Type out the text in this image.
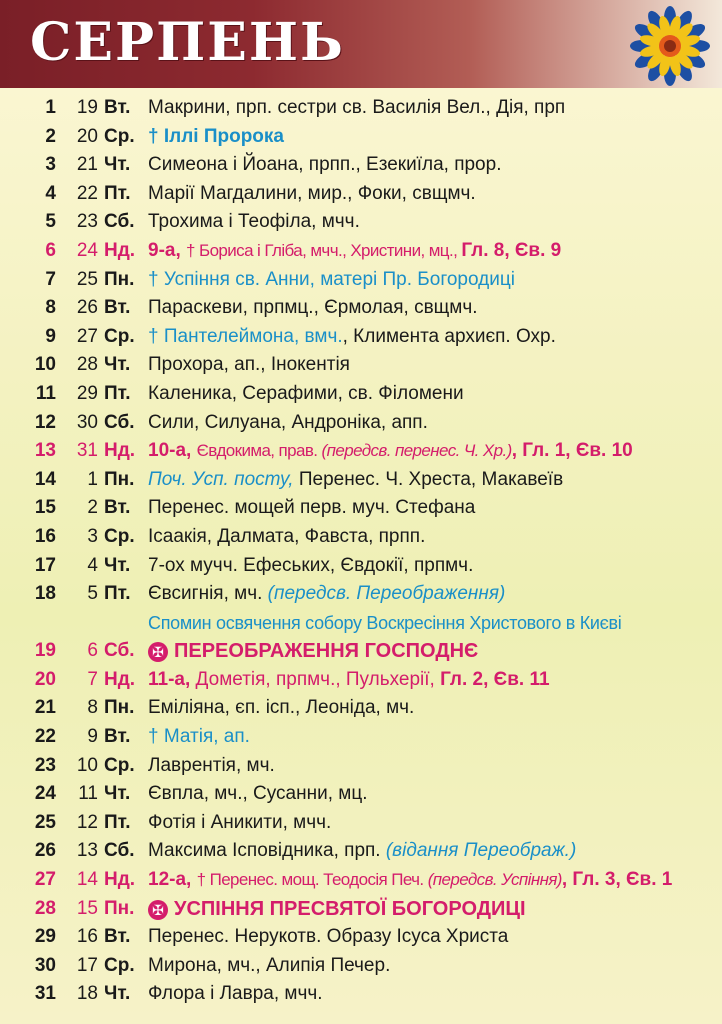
СЕРПЕНЬ
1	19 Вт. Макрини, прп. сестри св. Василія Вел., Дія, прп
2	20 Ср. † Іллі Пророка
3	21 Чт. Симеона і Йоана, прпп., Езекиїла, прор.
4	22 Пт. Марії Магдалини, мир., Фоки, свщмч.
5	23 Сб. Трохима і Теофіла, мчч.
6	24 Нд. 9-а, † Бориса і Гліба, мчч., Христини, мц., Гл. 8, Єв. 9
7	25 Пн. † Успіння св. Анни, матері Пр. Богородиці
8	26 Вт. Параскеви, прпмц., Єрмолая, свщмч.
9	27 Ср. † Пантелеймона, вмч., Климента архиєп. Охр.
10	28 Чт. Прохора, ап., Інокентія
11	29 Пт. Каленика, Серафими, св. Філомени
12	30 Сб. Сили, Силуана, Андроніка, апп.
13	31 Нд. 10-а, Євдокима, прав. (передсв. перенес. Ч. Хр.), Гл. 1, Єв. 10
14	1 Пн. Поч. Усп. посту, Перенес. Ч. Хреста, Макавеїв
15	2 Вт. Перенес. мощей перв. муч. Стефана
16	3 Ср. Ісаакія, Далмата, Фавста, прпп.
17	4 Чт. 7-ох мучч. Ефеських, Євдокії, прпмч.
18	5 Пт. Євсигнія, мч. (передсв. Переображення)
Спомин освячення собору Воскресіння Христового в Києві
19	6 Сб. ✠ ПЕРЕОБРАЖЕННЯ ГОСПОДНЄ
20	7 Нд. 11-а, Дометія, прпмч., Пульхерії, Гл. 2, Єв. 11
21	8 Пн. Еміліяна, єп. ісп., Леоніда, мч.
22	9 Вт. † Матія, ап.
23	10 Ср. Лаврентія, мч.
24	11 Чт. Євпла, мч., Сусанни, мц.
25	12 Пт. Фотія і Аникити, мчч.
26	13 Сб. Максима Ісповідника, прп. (відання Переображ.)
27	14 Нд. 12-а, † Перенес. мощ. Теодосія Печ. (передсв. Успіння), Гл. 3, Єв. 1
28	15 Пн. ✠ УСПІННЯ ПРЕСВЯТОЇ БОГОРОДИЦІ
29	16 Вт. Перенес. Нерукотв. Образу Ісуса Христа
30	17 Ср. Мирона, мч., Алипія Печер.
31	18 Чт. Флора і Лавра, мчч.
